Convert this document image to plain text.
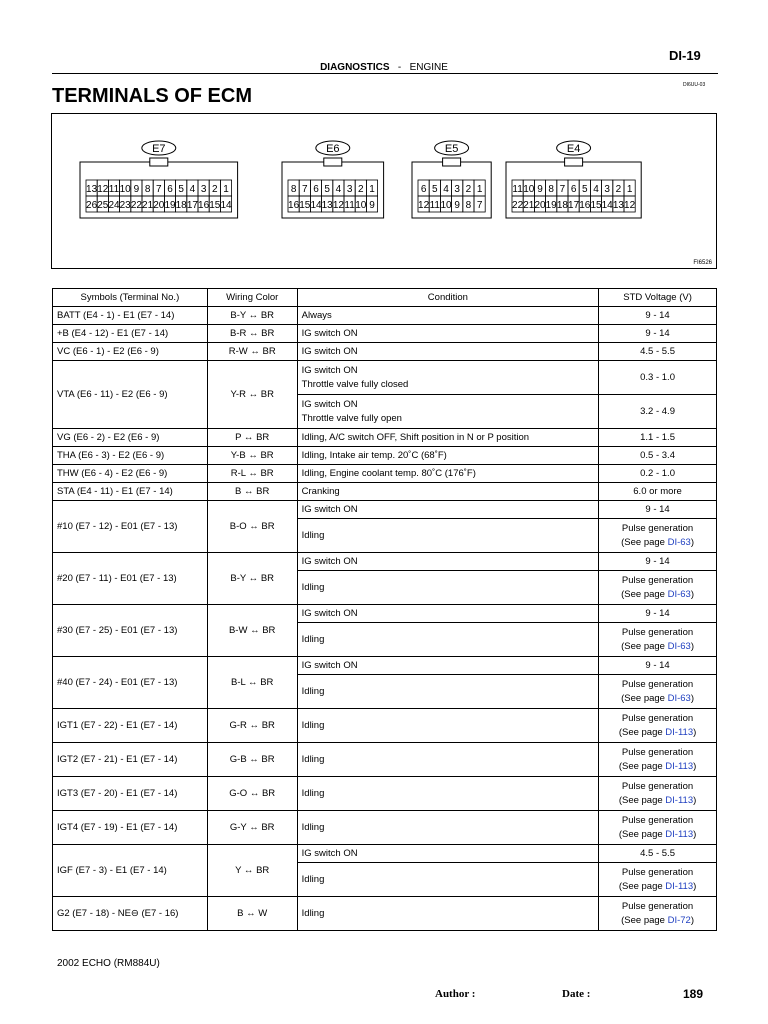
DI-19
DIAGNOSTICS - ENGINE
DI6UU-03
TERMINALS OF ECM
E7
13 12 11 10 9 8 7 6 5 4 3 2 1
26 25 24 23 22 21 20 19 18 17 16 15 14
E6
8 7 6 5 4 3 2 1
16 15 14 13 12 11 10 9
E5
6 5 4 3 2 1
12 11 10 9 8 7
E4
11 10 9 8 7 6 5 4 3 2 1
22 21 20 19 18 17 16 15 14 13 12
FI6526
Symbols (Terminal No.)	Wiring Color	Condition	STD Voltage (V)
BATT (E4 - 1) - E1 (E7 - 14)	B-Y ↔ BR	Always	9 - 14

+B (E4 - 12) - E1 (E7 - 14)	B-R ↔ BR	IG switch ON	9 - 14

VC (E6 - 1) - E2 (E6 - 9)	R-W ↔ BR	IG switch ON	4.5 - 5.5

VTA (E6 - 11) - E2 (E6 - 9)	Y-R ↔ BR	IG switch ON
Throttle valve fully closed	0.3 - 1.0

		IG switch ON
Throttle valve fully open	3.2 - 4.9

VG (E6 - 2) - E2 (E6 - 9)	P ↔ BR	Idling, A/C switch OFF, Shift position in N or P position	1.1 - 1.5

THA (E6 - 3) - E2 (E6 - 9)	Y-B ↔ BR	Idling, Intake air temp. 20˚C (68˚F)	0.5 - 3.4

THW (E6 - 4) - E2 (E6 - 9)	R-L ↔ BR	Idling, Engine coolant temp. 80˚C (176˚F)	0.2 - 1.0

STA (E4 - 11) - E1 (E7 - 14)	B ↔ BR	Cranking	6.0 or more

#10 (E7 - 12) - E01 (E7 - 13)	B-O ↔ BR	IG switch ON	9 - 14

		Idling	Pulse generation
(See page DI-63)

#20 (E7 - 11) - E01 (E7 - 13)	B-Y ↔ BR	IG switch ON	9 - 14

		Idling	Pulse generation
(See page DI-63)

#30 (E7 - 25) - E01 (E7 - 13)	B-W ↔ BR	IG switch ON	9 - 14

		Idling	Pulse generation
(See page DI-63)

#40 (E7 - 24) - E01 (E7 - 13)	B-L ↔ BR	IG switch ON	9 - 14

		Idling	Pulse generation
(See page DI-63)

IGT1 (E7 - 22) - E1 (E7 - 14)	G-R ↔ BR	Idling	Pulse generation
(See page DI-113)

IGT2 (E7 - 21) - E1 (E7 - 14)	G-B ↔ BR	Idling	Pulse generation
(See page DI-113)

IGT3 (E7 - 20) - E1 (E7 - 14)	G-O ↔ BR	Idling	Pulse generation
(See page DI-113)

IGT4 (E7 - 19) - E1 (E7 - 14)	G-Y ↔ BR	Idling	Pulse generation
(See page DI-113)

IGF (E7 - 3) - E1 (E7 - 14)	Y ↔ BR	IG switch ON	4.5 - 5.5

		Idling	Pulse generation
(See page DI-113)

G2 (E7 - 18) - NE⊖ (E7 - 16)	B ↔ W	Idling	Pulse generation
(See page DI-72)
2002 ECHO (RM884U)
Author :	Date :	189
